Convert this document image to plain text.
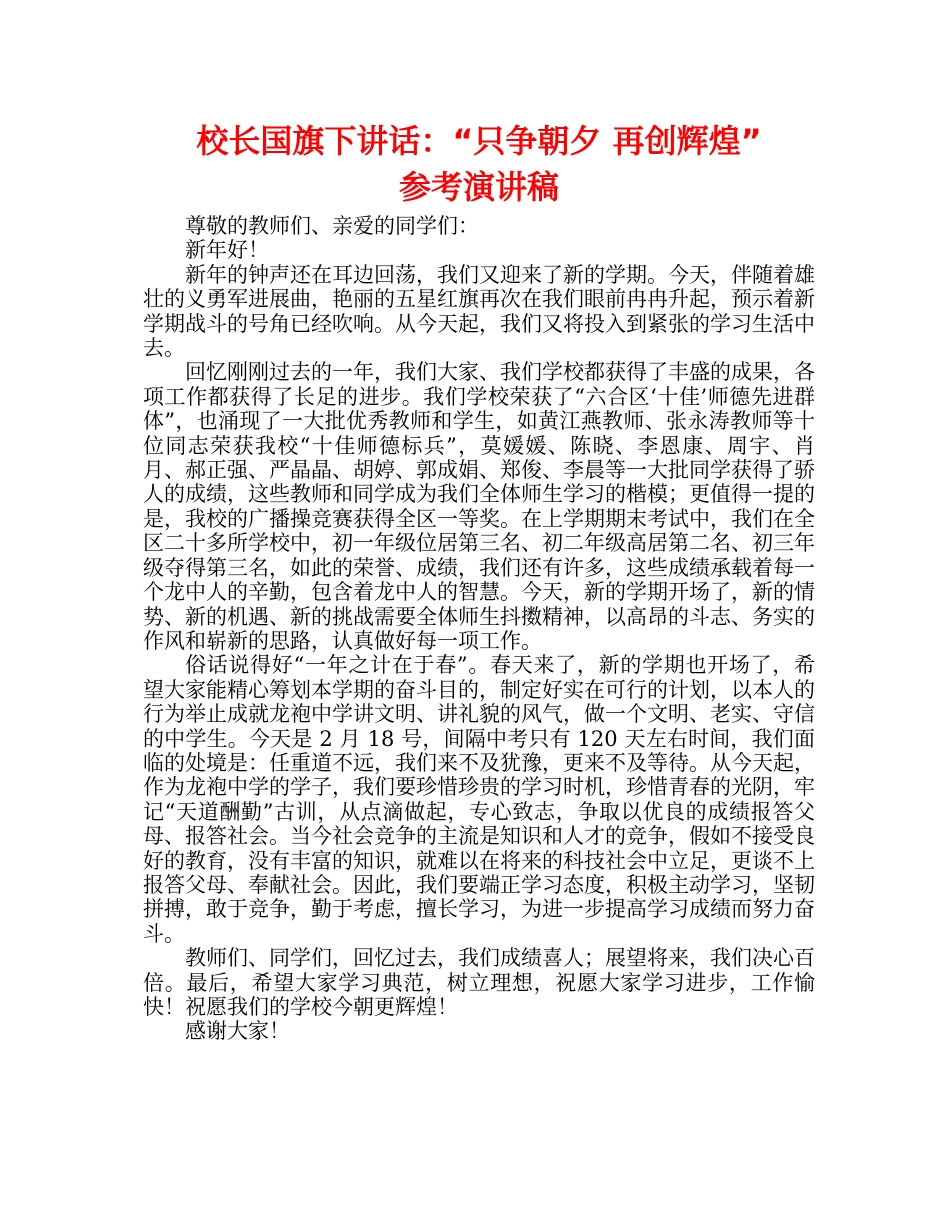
校长国旗下讲话：“只争朝夕 再创辉煌”
参考演讲稿

尊敬的教师们、亲爱的同学们：

新年好！

新年的钟声还在耳边回荡，我们又迎来了新的学期。今天，伴随着雄壮的义勇军进展曲，艳丽的五星红旗再次在我们眼前冉冉升起，预示着新学期战斗的号角已经吹响。从今天起，我们又将投入到紧张的学习生活中去。

回忆刚刚过去的一年，我们大家、我们学校都获得了丰盛的成果，各项工作都获得了长足的进步。我们学校荣获了“六合区‘十佳’师德先进群体”，也涌现了一大批优秀教师和学生，如黄江燕教师、张永涛教师等十位同志荣获我校“十佳师德标兵”，莫媛媛、陈晓、李恩康、周宇、肖月、郝正强、严晶晶、胡婷、郭成娟、郑俊、李晨等一大批同学获得了骄人的成绩，这些教师和同学成为我们全体师生学习的楷模；更值得一提的是，我校的广播操竞赛获得全区一等奖。在上学期期末考试中，我们在全区二十多所学校中，初一年级位居第三名、初二年级高居第二名、初三年级夺得第三名，如此的荣誉、成绩，我们还有许多，这些成绩承载着每一个龙中人的辛勤，包含着龙中人的智慧。今天，新的学期开场了，新的情势、新的机遇、新的挑战需要全体师生抖擞精神，以高昂的斗志、务实的作风和崭新的思路，认真做好每一项工作。

俗话说得好“一年之计在于春”。春天来了，新的学期也开场了，希望大家能精心筹划本学期的奋斗目的，制定好实在可行的计划，以本人的行为举止成就龙袍中学讲文明、讲礼貌的风气，做一个文明、老实、守信的中学生。今天是 2 月 18 号，间隔中考只有 120 天左右时间，我们面临的处境是：任重道不远，我们来不及犹豫，更来不及等待。从今天起，作为龙袍中学的学子，我们要珍惜珍贵的学习时机，珍惜青春的光阴，牢记“天道酬勤”古训，从点滴做起，专心致志，争取以优良的成绩报答父母、报答社会。当今社会竞争的主流是知识和人才的竞争，假如不接受良好的教育，没有丰富的知识，就难以在将来的科技社会中立足，更谈不上报答父母、奉献社会。因此，我们要端正学习态度，积极主动学习，坚韧拼搏，敢于竞争，勤于考虑，擅长学习，为进一步提高学习成绩而努力奋斗。

教师们、同学们，回忆过去，我们成绩喜人；展望将来，我们决心百倍。最后，希望大家学习典范，树立理想，祝愿大家学习进步，工作愉快！祝愿我们的学校今朝更辉煌！

感谢大家！
